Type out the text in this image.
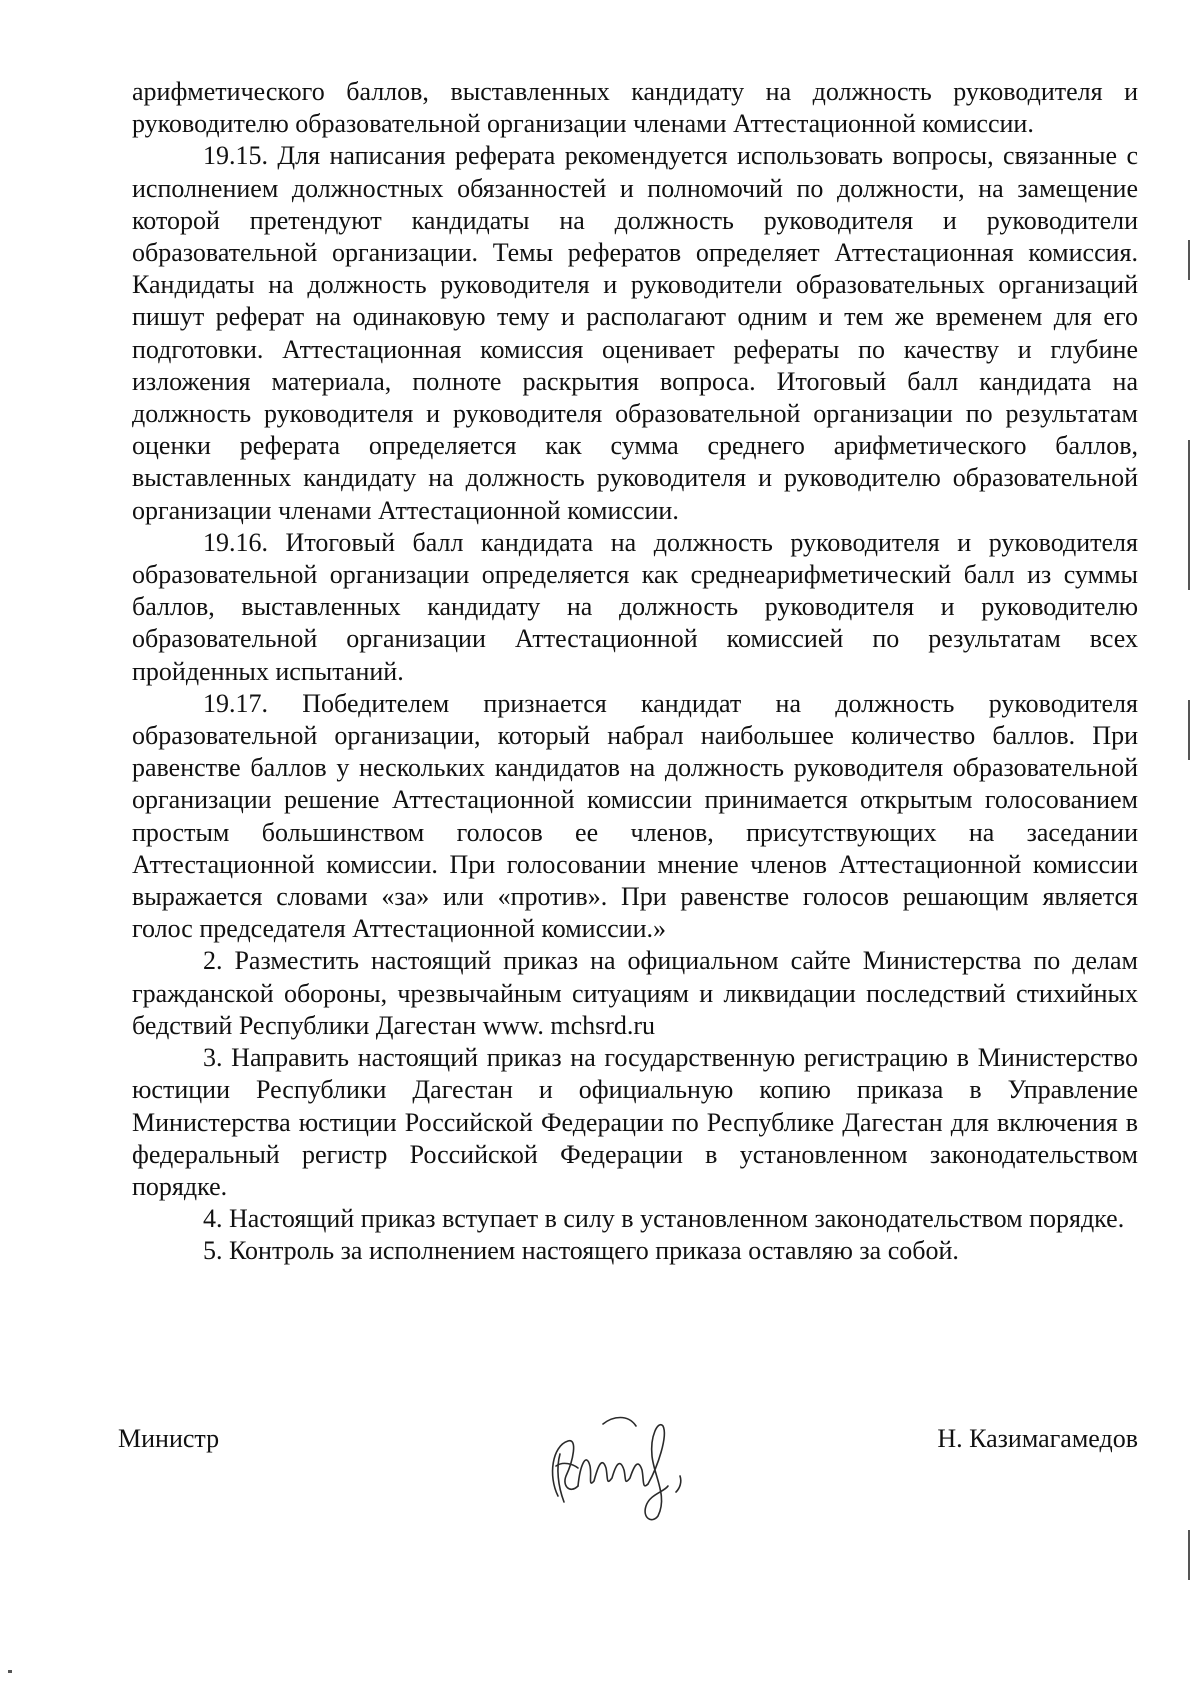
арифметического баллов, выставленных кандидату на должность руководителя и руководителю образовательной организации членами Аттестационной комиссии.

19.15. Для написания реферата рекомендуется использовать вопросы, связанные с исполнением должностных обязанностей и полномочий по должности, на замещение которой претендуют кандидаты на должность руководителя и руководители образовательной организации. Темы рефератов определяет Аттестационная комиссия. Кандидаты на должность руководителя и руководители образовательных организаций пишут реферат на одинаковую тему и располагают одним и тем же временем для его подготовки. Аттестационная комиссия оценивает рефераты по качеству и глубине изложения материала, полноте раскрытия вопроса. Итоговый балл кандидата на должность руководителя и руководителя образовательной организации по результатам оценки реферата определяется как сумма среднего арифметического баллов, выставленных кандидату на должность руководителя и руководителю образовательной организации членами Аттестационной комиссии.

19.16. Итоговый балл кандидата на должность руководителя и руководителя образовательной организации определяется как среднеарифметический балл из суммы баллов, выставленных кандидату на должность руководителя и руководителю образовательной организации Аттестационной комиссией по результатам всех пройденных испытаний.

19.17. Победителем признается кандидат на должность руководителя образовательной организации, который набрал наибольшее количество баллов. При равенстве баллов у нескольких кандидатов на должность руководителя образовательной организации решение Аттестационной комиссии принимается открытым голосованием простым большинством голосов ее членов, присутствующих на заседании Аттестационной комиссии. При голосовании мнение членов Аттестационной комиссии выражается словами «за» или «против». При равенстве голосов решающим является голос председателя Аттестационной комиссии.»

2. Разместить настоящий приказ на официальном сайте Министерства по делам гражданской обороны, чрезвычайным ситуациям и ликвидации последствий стихийных бедствий Республики Дагестан www. mchsrd.ru

3. Направить настоящий приказ на государственную регистрацию в Министерство юстиции Республики Дагестан и официальную копию приказа в Управление Министерства юстиции Российской Федерации по Республике Дагестан для включения в федеральный регистр Российской Федерации в установленном законодательством порядке.

4. Настоящий приказ вступает в силу в установленном законодательством порядке.

5. Контроль за исполнением настоящего приказа оставляю за собой.

Министр	Н. Казимагамедов
